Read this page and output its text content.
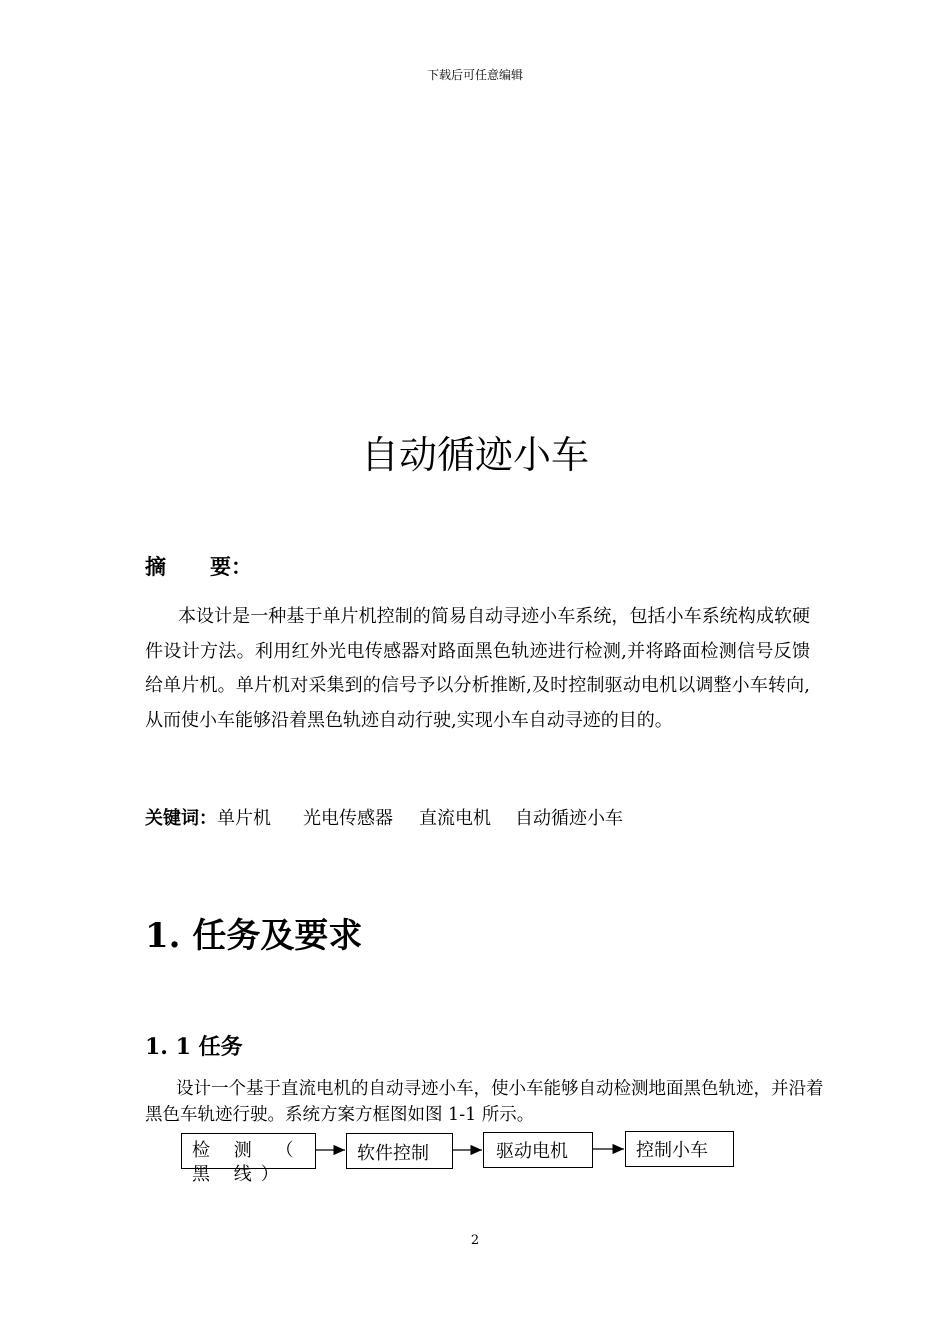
下载后可任意编辑
自动循迹小车
摘 要：
本设计是一种基于单片机控制的简易自动寻迹小车系统，包括小车系统构成软硬件设计方法。利用红外光电传感器对路面黑色轨迹进行检测,并将路面检测信号反馈给单片机。单片机对采集到的信号予以分析推断,及时控制驱动电机以调整小车转向,从而使小车能够沿着黑色轨迹自动行驶,实现小车自动寻迹的目的。
关键词：单片机 光电传感器 直流电机 自动循迹小车
1. 任务及要求
1. 1 任务
设计一个基于直流电机的自动寻迹小车，使小车能够自动检测地面黑色轨迹，并沿着黑色车轨迹行驶。系统方案方框图如图 1-1 所示。
检 测 （ 黑 线）
软件控制	驱动电机	控制小车
2
